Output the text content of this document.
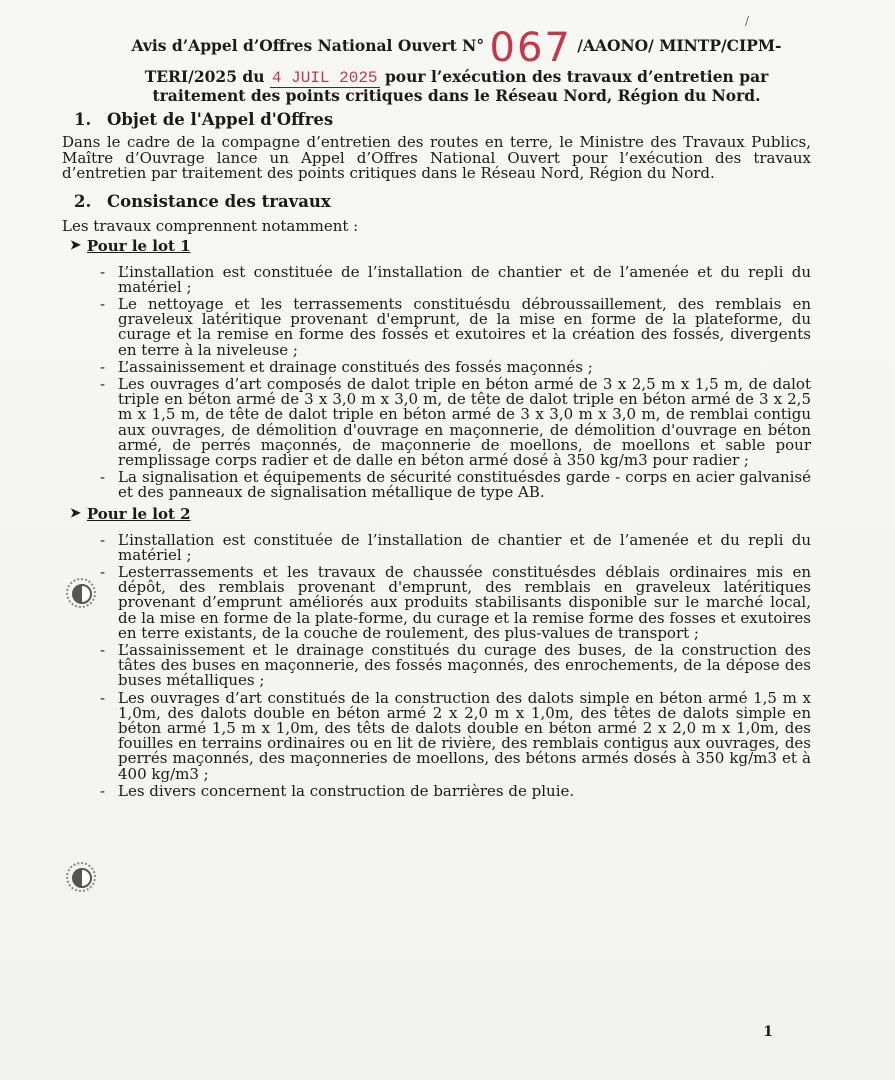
/
Avis d’Appel d’Offres National Ouvert N° 067 /AAONO/ MINTP/CIPM-
TERI/2025 du 4 JUIL 2025 pour l’exécution des travaux d’entretien par
traitement des points critiques dans le Réseau Nord, Région du Nord.
1. Objet de l'Appel d'Offres

Dans le cadre de la compagne d’entretien des routes en terre, le Ministre des Travaux Publics, Maître d’Ouvrage lance un Appel d’Offres National Ouvert pour l’exécution des travaux d’entretien par traitement des points critiques dans le Réseau Nord, Région du Nord.

2. Consistance des travaux
Les travaux comprennent notamment :
➤ Pour le lot 1
- L’installation est constituée de l’installation de chantier et de l’amenée et du repli du matériel ;
- Le nettoyage et les terrassements constituésdu débroussaillement, des remblais en graveleux latéritique provenant d'emprunt, de la mise en forme de la plateforme, du curage et la remise en forme des fossés et exutoires et la création des fossés, divergents en terre à la niveleuse ;
- L’assainissement et drainage constitués des fossés maçonnés ;
- Les ouvrages d’art composés de dalot triple en béton armé de 3 x 2,5 m x 1,5 m, de dalot triple en béton armé de 3 x 3,0 m x 3,0 m, de tête de dalot triple en béton armé de 3 x 2,5 m x 1,5 m, de tête de dalot triple en béton armé de 3 x 3,0 m x 3,0 m, de remblai contigu aux ouvrages, de démolition d'ouvrage en maçonnerie, de démolition d'ouvrage en béton armé, de perrés maçonnés, de maçonnerie de moellons, de moellons et sable pour remplissage corps radier et de dalle en béton armé dosé à 350 kg/m3 pour radier ;
- La signalisation et équipements de sécurité constituésdes garde - corps en acier galvanisé et des panneaux de signalisation métallique de type AB.
➤ Pour le lot 2
- L’installation est constituée de l’installation de chantier et de l’amenée et du repli du matériel ;
- Lesterrassements et les travaux de chaussée constituésdes déblais ordinaires mis en dépôt, des remblais provenant d'emprunt, des remblais en graveleux latéritiques provenant d’emprunt améliorés aux produits stabilisants disponible sur le marché local, de la mise en forme de la plate-forme, du curage et la remise forme des fosses et exutoires en terre existants, de la couche de roulement, des plus-values de transport ;
- L’assainissement et le drainage constitués du curage des buses, de la construction des tâtes des buses en maçonnerie, des fossés maçonnés, des enrochements, de la dépose des buses métalliques ;
- Les ouvrages d’art constitués de la construction des dalots simple en béton armé 1,5 m x 1,0m, des dalots double en béton armé 2 x 2,0 m x 1,0m, des têtes de dalots simple en béton armé 1,5 m x 1,0m, des têts de dalots double en béton armé 2 x 2,0 m x 1,0m, des fouilles en terrains ordinaires ou en lit de rivière, des remblais contigus aux ouvrages, des perrés maçonnés, des maçonneries de moellons, des bétons armés dosés à 350 kg/m3 et à 400 kg/m3 ;
- Les divers concernent la construction de barrières de pluie.
1
